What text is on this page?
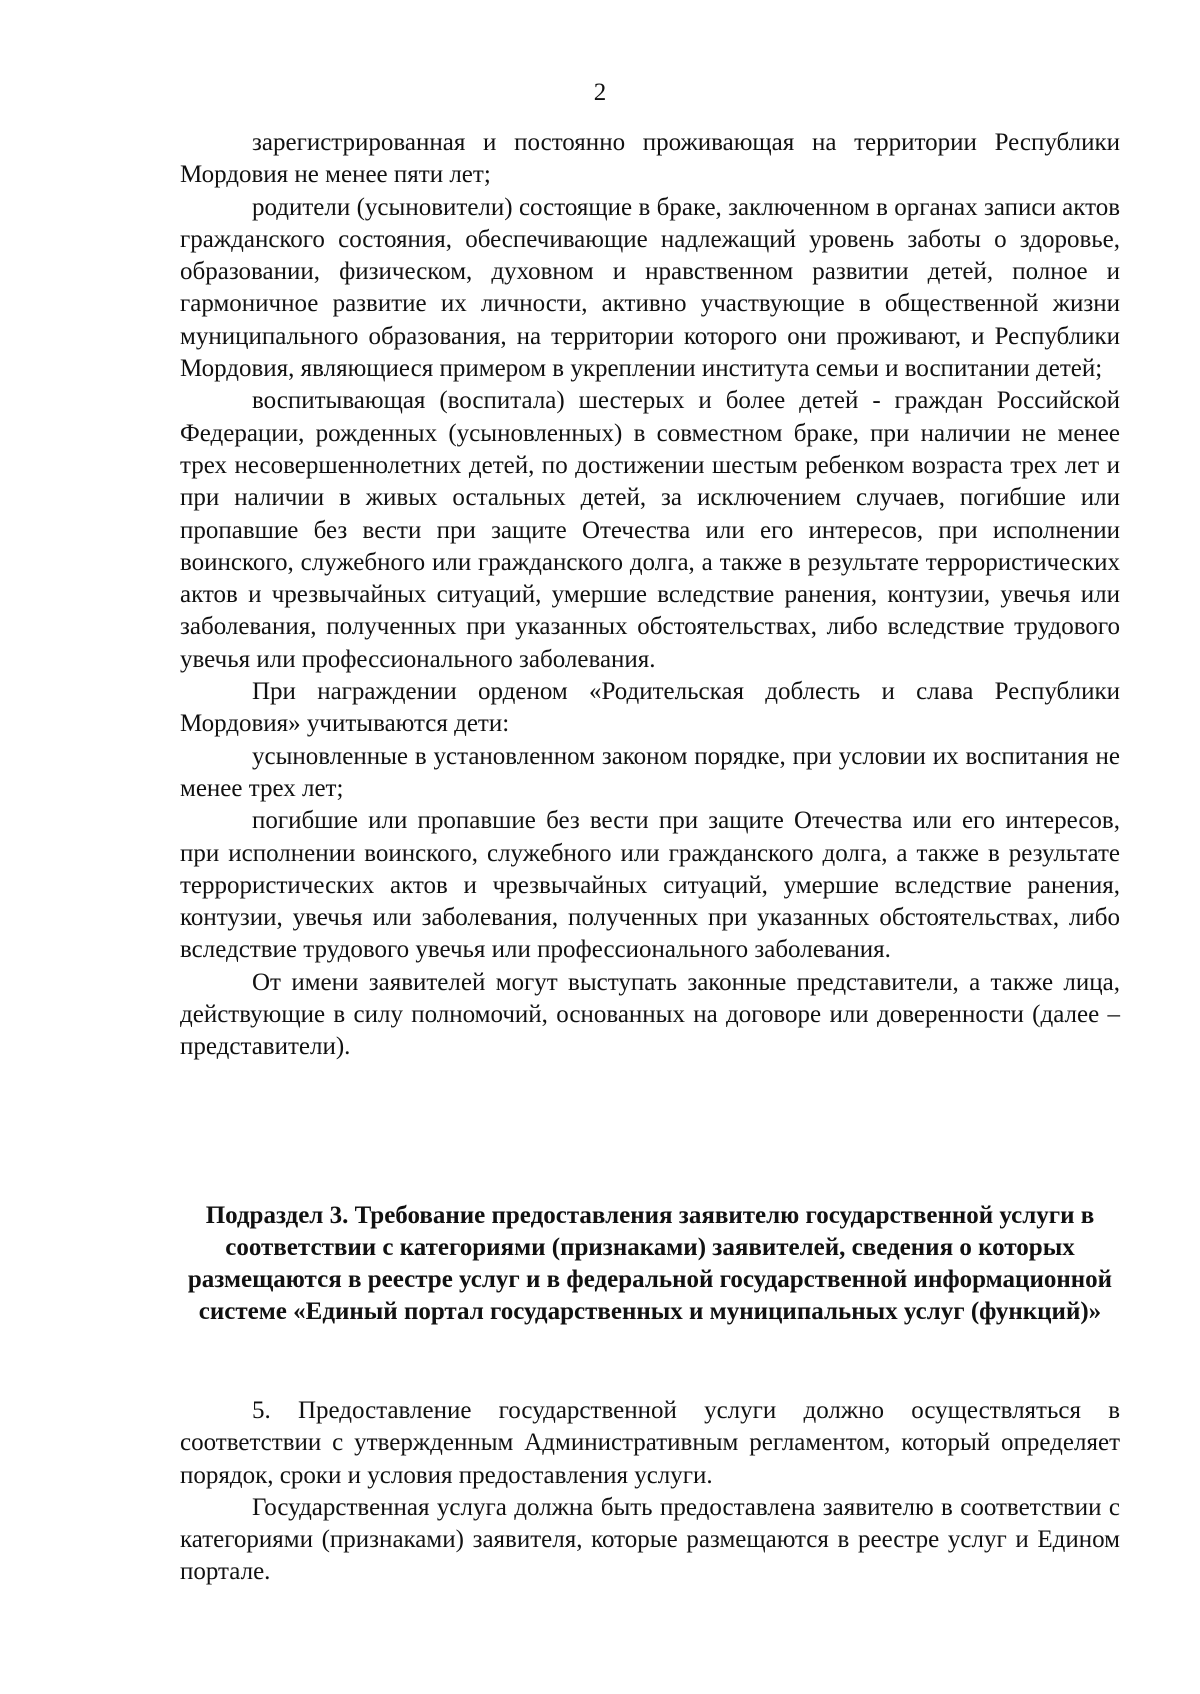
2

зарегистрированная и постоянно проживающая на территории Республики Мордовия не менее пяти лет;

родители (усыновители) состоящие в браке, заключенном в органах записи актов гражданского состояния, обеспечивающие надлежащий уровень заботы о здоровье, образовании, физическом, духовном и нравственном развитии детей, полное и гармоничное развитие их личности, активно участвующие в общественной жизни муниципального образования, на территории которого они проживают, и Республики Мордовия, являющиеся примером в укреплении института семьи и воспитании детей;

воспитывающая (воспитала) шестерых и более детей - граждан Российской Федерации, рожденных (усыновленных) в совместном браке, при наличии не менее трех несовершеннолетних детей, по достижении шестым ребенком возраста трех лет и при наличии в живых остальных детей, за исключением случаев, погибшие или пропавшие без вести при защите Отечества или его интересов, при исполнении воинского, служебного или гражданского долга, а также в результате террористических актов и чрезвычайных ситуаций, умершие вследствие ранения, контузии, увечья или заболевания, полученных при указанных обстоятельствах, либо вследствие трудового увечья или профессионального заболевания.

При награждении орденом «Родительская доблесть и слава Республики Мордовия» учитываются дети:

усыновленные в установленном законом порядке, при условии их воспитания не менее трех лет;

погибшие или пропавшие без вести при защите Отечества или его интересов, при исполнении воинского, служебного или гражданского долга, а также в результате террористических актов и чрезвычайных ситуаций, умершие вследствие ранения, контузии, увечья или заболевания, полученных при указанных обстоятельствах, либо вследствие трудового увечья или профессионального заболевания.

От имени заявителей могут выступать законные представители, а также лица, действующие в силу полномочий, основанных на договоре или доверенности (далее – представители).

Подраздел 3. Требование предоставления заявителю государственной услуги в соответствии с категориями (признаками) заявителей, сведения о которых размещаются в реестре услуг и в федеральной государственной информационной системе «Единый портал государственных и муниципальных услуг (функций)»

5. Предоставление государственной услуги должно осуществляться в соответствии с утвержденным Административным регламентом, который определяет порядок, сроки и условия предоставления услуги.

Государственная услуга должна быть предоставлена заявителю в соответствии с категориями (признаками) заявителя, которые размещаются в реестре услуг и Едином портале.
